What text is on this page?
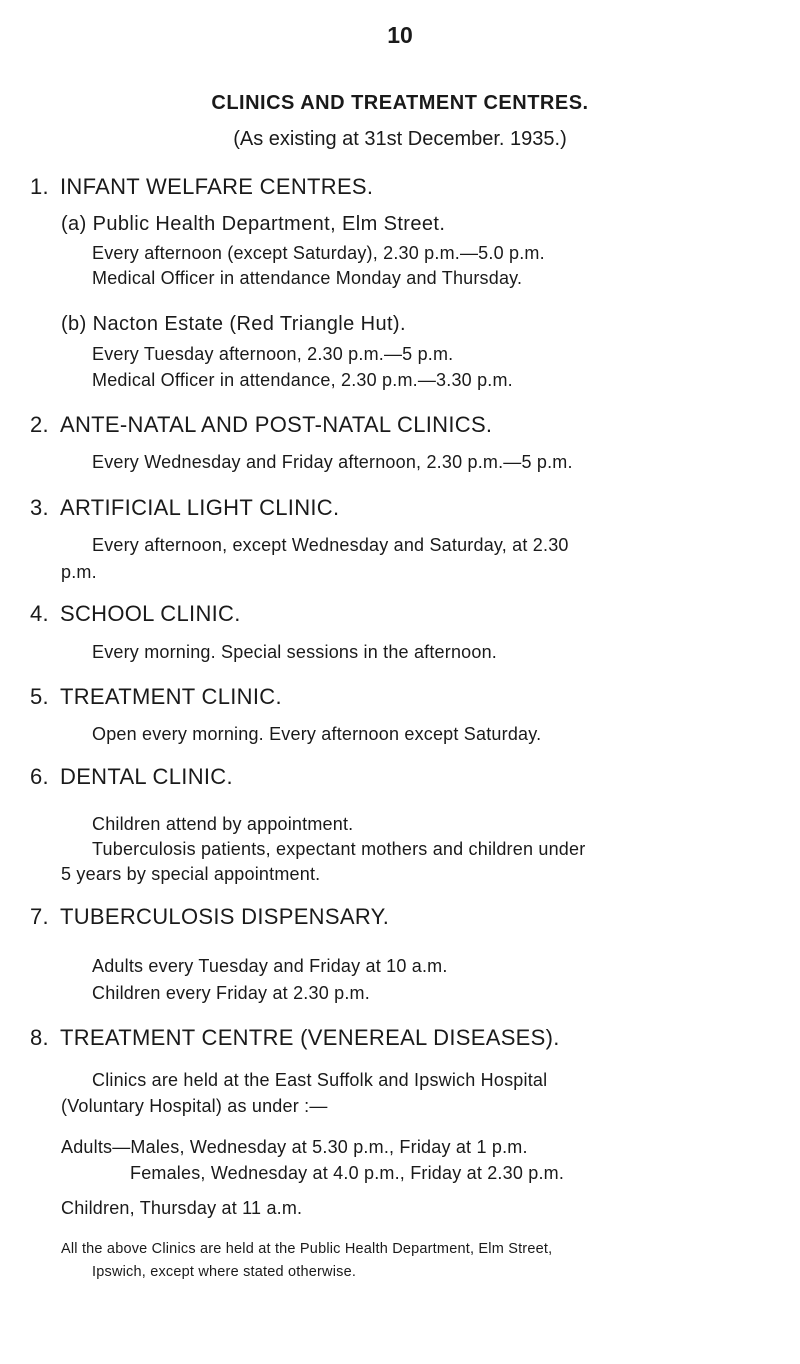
10
CLINICS AND TREATMENT CENTRES.
(As existing at 31st December. 1935.)
1. INFANT WELFARE CENTRES.
(a) Public Health Department, Elm Street.
Every afternoon (except Saturday), 2.30 p.m.—5.0 p.m.
Medical Officer in attendance Monday and Thursday.
(b) Nacton Estate (Red Triangle Hut).
Every Tuesday afternoon, 2.30 p.m.—5 p.m.
Medical Officer in attendance, 2.30 p.m.—3.30 p.m.
2. ANTE-NATAL AND POST-NATAL CLINICS.
Every Wednesday and Friday afternoon, 2.30 p.m.—5 p.m.
3. ARTIFICIAL LIGHT CLINIC.
Every afternoon, except Wednesday and Saturday, at 2.30
p.m.
4. SCHOOL CLINIC.
Every morning. Special sessions in the afternoon.
5. TREATMENT CLINIC.
Open every morning. Every afternoon except Saturday.
6. DENTAL CLINIC.
Children attend by appointment.
Tuberculosis patients, expectant mothers and children under
5 years by special appointment.
7. TUBERCULOSIS DISPENSARY.
Adults every Tuesday and Friday at 10 a.m.
Children every Friday at 2.30 p.m.
8. TREATMENT CENTRE (VENEREAL DISEASES).
Clinics are held at the East Suffolk and Ipswich Hospital
(Voluntary Hospital) as under :—
Adults—Males, Wednesday at 5.30 p.m., Friday at 1 p.m.
Females, Wednesday at 4.0 p.m., Friday at 2.30 p.m.
Children, Thursday at 11 a.m.
All the above Clinics are held at the Public Health Department, Elm Street,
Ipswich, except where stated otherwise.
